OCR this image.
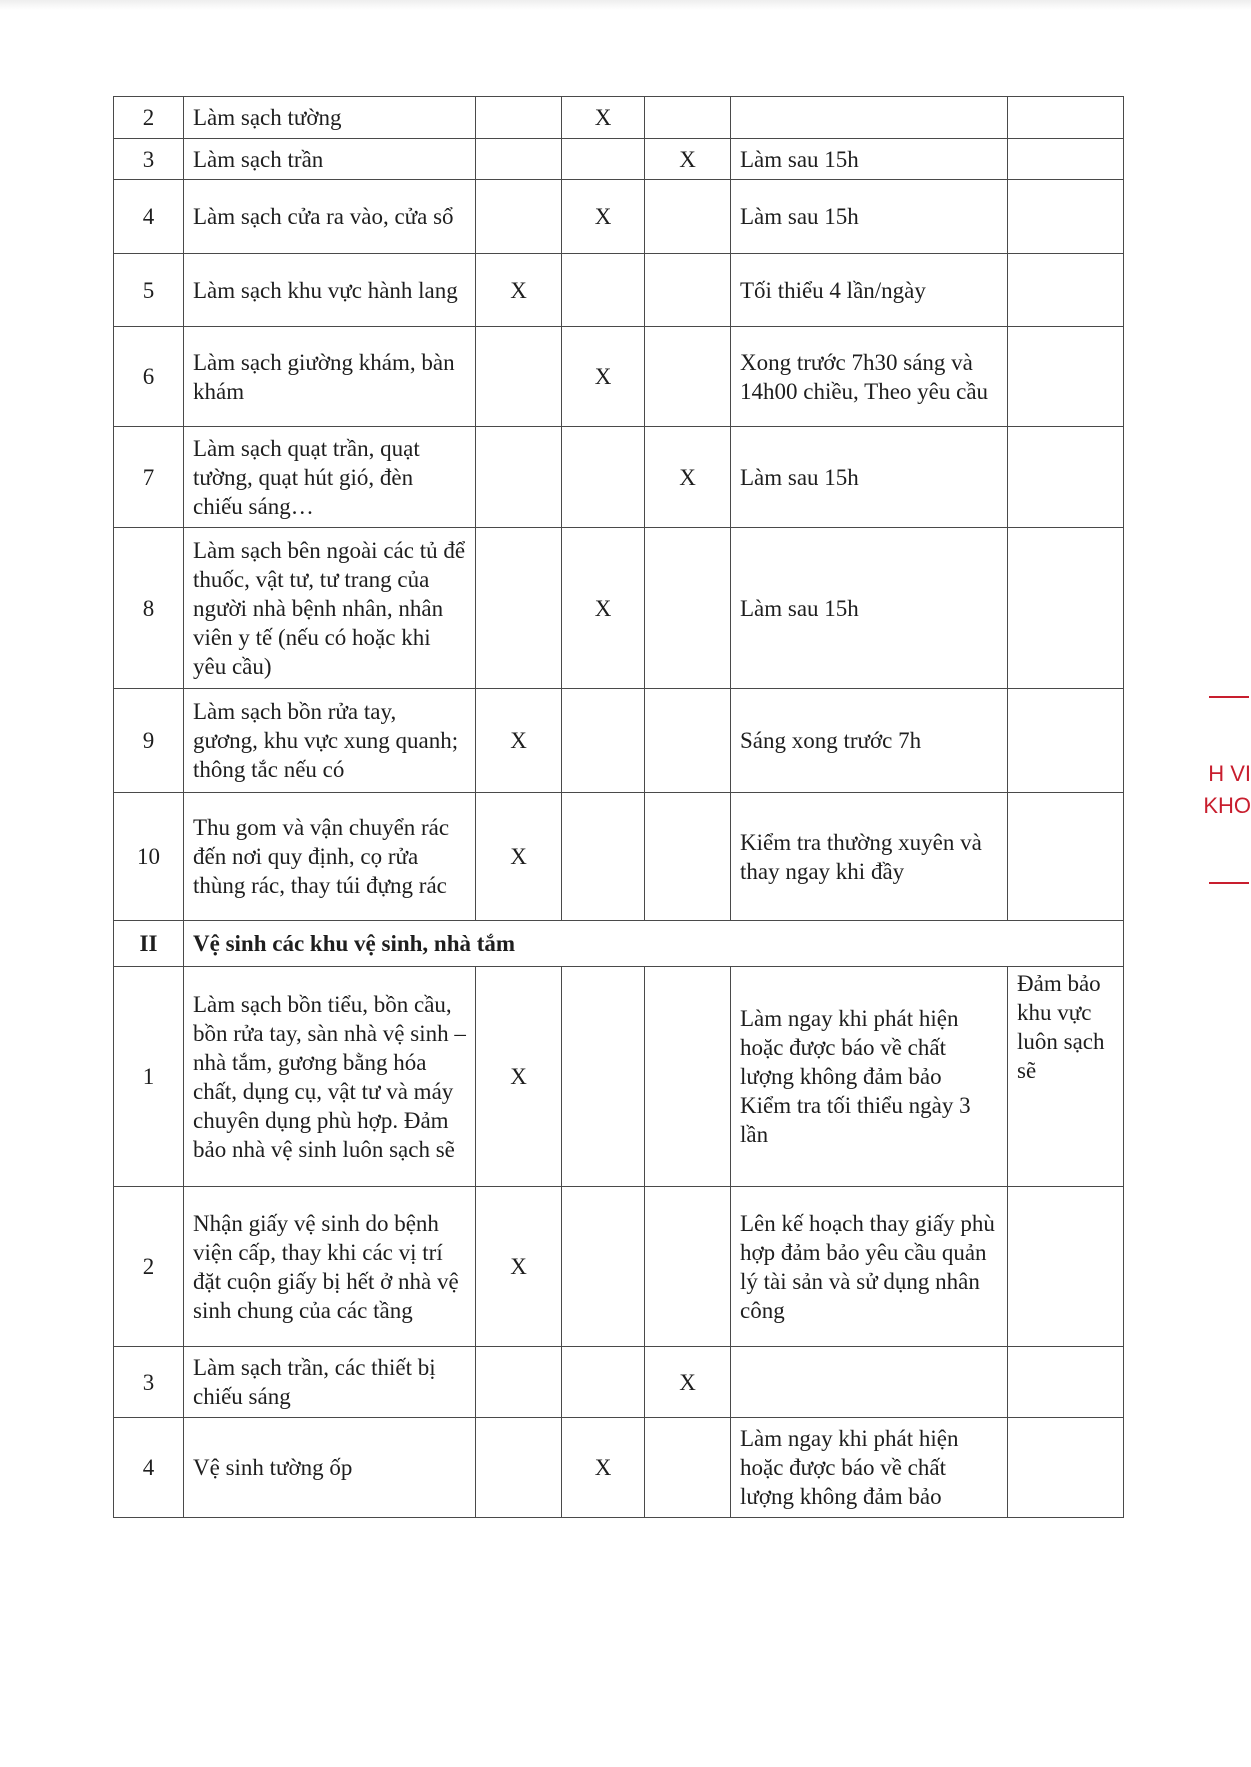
2	Làm sạch tường		X			
3	Làm sạch trần			X	Làm sau 15h	
4	Làm sạch cửa ra vào, cửa sổ		X		Làm sau 15h	
5	Làm sạch khu vực hành lang	X			Tối thiểu 4 lần/ngày	
6	Làm sạch giường khám, bàn khám		X		Xong trước 7h30 sáng và 14h00 chiều, Theo yêu cầu	
7	Làm sạch quạt trần, quạt tường, quạt hút gió, đèn chiếu sáng…			X	Làm sau 15h	
8	Làm sạch bên ngoài các tủ để thuốc, vật tư, tư trang của người nhà bệnh nhân, nhân viên y tế (nếu có hoặc khi yêu cầu)		X		Làm sau 15h	
9	Làm sạch bồn rửa tay, gương, khu vực xung quanh; thông tắc nếu có	X			Sáng xong trước 7h	
10	Thu gom và vận chuyển rác đến nơi quy định, cọ rửa thùng rác, thay túi đựng rác	X			Kiểm tra thường xuyên và thay ngay khi đầy	
II	Vệ sinh các khu vệ sinh, nhà tắm					
1	Làm sạch bồn tiểu, bồn cầu, bồn rửa tay, sàn nhà vệ sinh – nhà tắm, gương bằng hóa chất, dụng cụ, vật tư và máy chuyên dụng phù hợp. Đảm bảo nhà vệ sinh luôn sạch sẽ	X			Làm ngay khi phát hiện hoặc được báo về chất lượng không đảm bảo Kiểm tra tối thiểu ngày 3 lần	Đảm bảo khu vực luôn sạch sẽ
2	Nhận giấy vệ sinh do bệnh viện cấp, thay khi các vị trí đặt cuộn giấy bị hết ở nhà vệ sinh chung của các tầng	X			Lên kế hoạch thay giấy phù hợp đảm bảo yêu cầu quản lý tài sản và sử dụng nhân công	
3	Làm sạch trần, các thiết bị chiếu sáng			X		
4	Vệ sinh tường ốp		X		Làm ngay khi phát hiện hoặc được báo về chất lượng không đảm bảo	
H VI
KHO
